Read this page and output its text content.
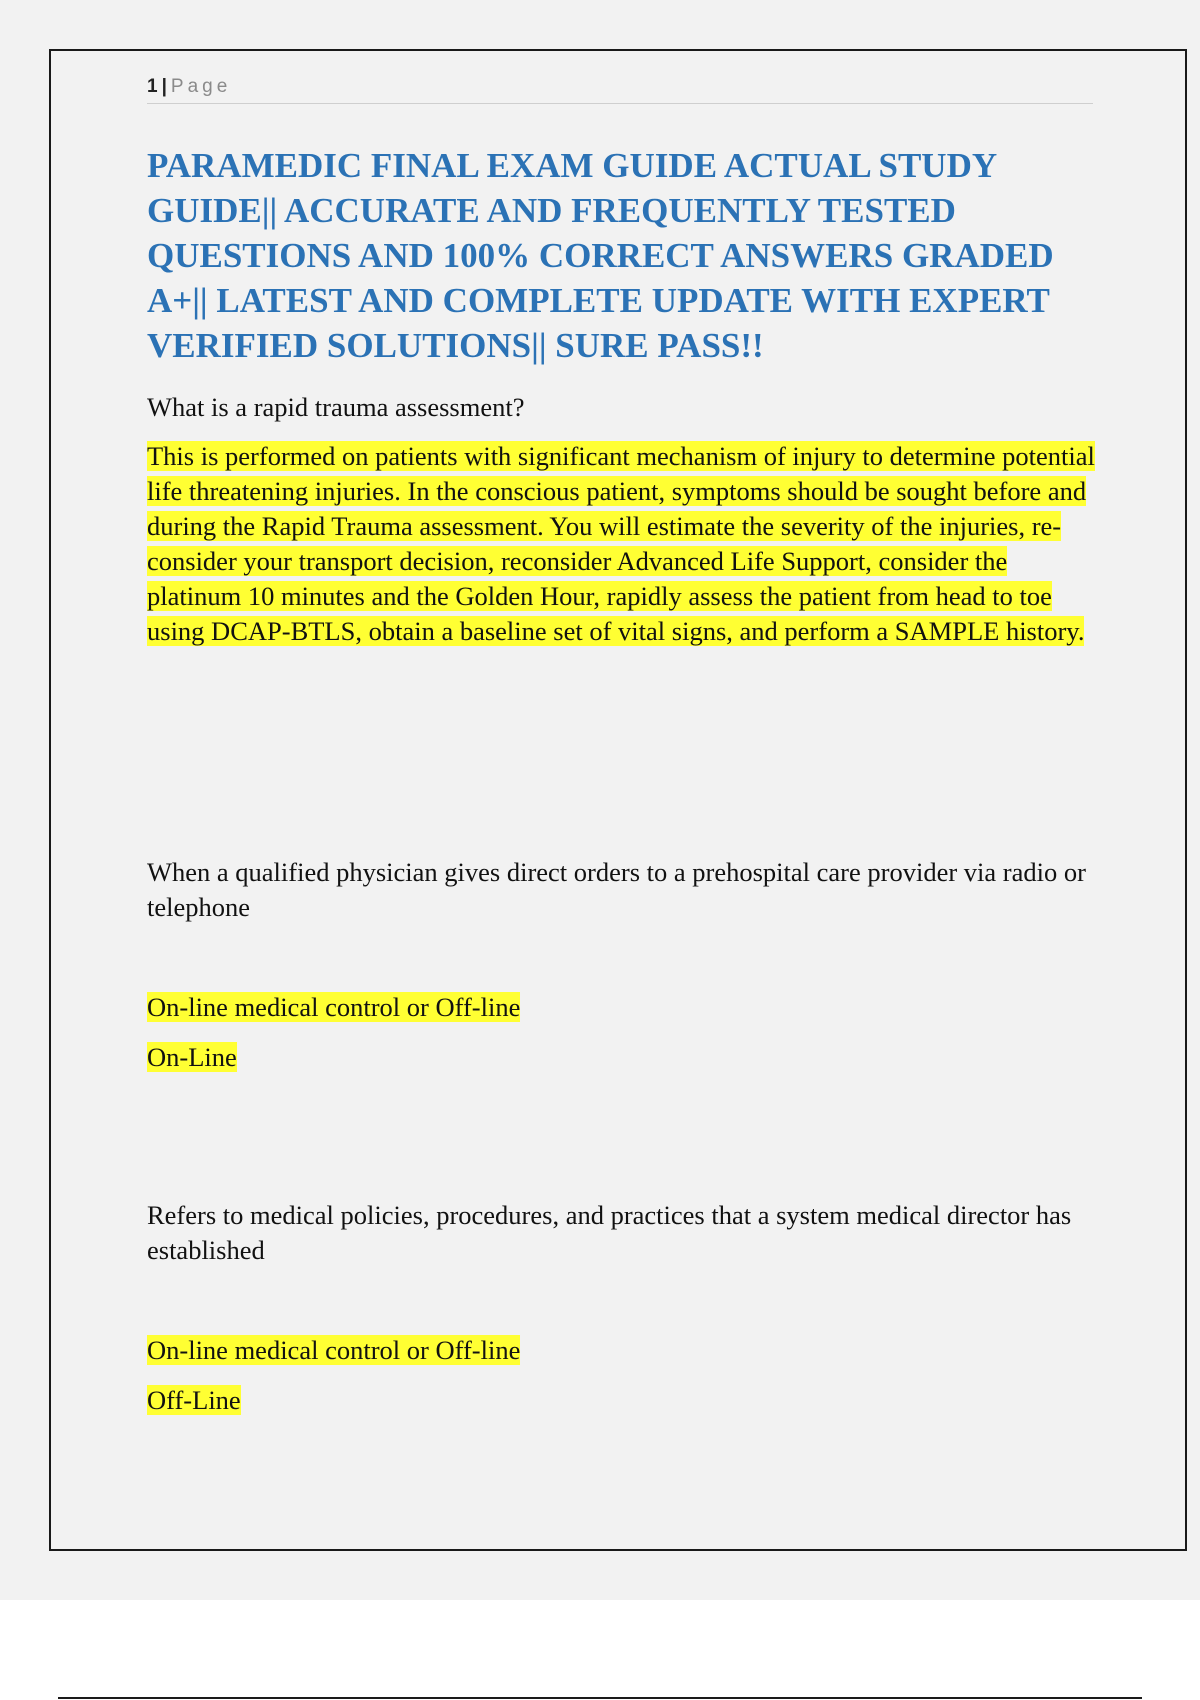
1 | Page
PARAMEDIC FINAL EXAM GUIDE ACTUAL STUDY GUIDE|| ACCURATE AND FREQUENTLY TESTED QUESTIONS AND 100% CORRECT ANSWERS GRADED A+|| LATEST AND COMPLETE UPDATE WITH EXPERT VERIFIED SOLUTIONS|| SURE PASS!!

What is a rapid trauma assessment?

This is performed on patients with significant mechanism of injury to determine potential life threatening injuries. In the conscious patient, symptoms should be sought before and during the Rapid Trauma assessment. You will estimate the severity of the injuries, re-consider your transport decision, reconsider Advanced Life Support, consider the platinum 10 minutes and the Golden Hour, rapidly assess the patient from head to toe using DCAP-BTLS, obtain a baseline set of vital signs, and perform a SAMPLE history.

When a qualified physician gives direct orders to a prehospital care provider via radio or telephone

On-line medical control or Off-line

On-Line

Refers to medical policies, procedures, and practices that a system medical director has established

On-line medical control or Off-line

Off-Line
